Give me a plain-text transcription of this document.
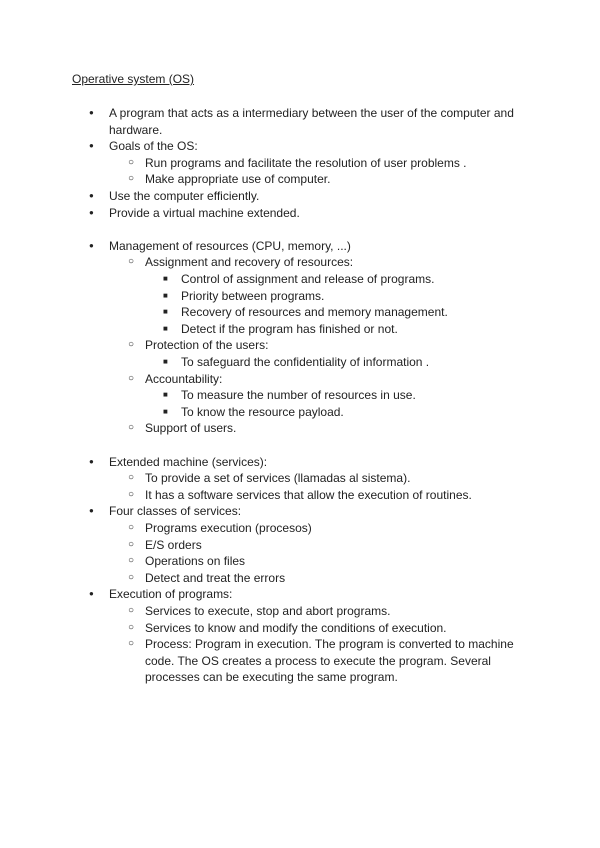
Operative system (OS)
● A program that acts as a intermediary between the user of the computer and
hardware.
● Goals of the OS:
○ Run programs and facilitate the resolution of user problems .
○ Make appropriate use of computer.
● Use the computer efficiently.
● Provide a virtual machine extended.
● Management of resources (CPU, memory, ...)
○ Assignment and recovery of resources:
■ Control of assignment and release of programs.
■ Priority between programs.
■ Recovery of resources and memory management.
■ Detect if the program has finished or not.
○ Protection of the users:
■ To safeguard the confidentiality of information .
○ Accountability:
■ To measure the number of resources in use.
■ To know the resource payload.
○ Support of users.
● Extended machine (services):
○ To provide a set of services (llamadas al sistema).
○ It has a software services that allow the execution of routines.
● Four classes of services:
○ Programs execution (procesos)
○ E/S orders
○ Operations on files
○ Detect and treat the errors
● Execution of programs:
○ Services to execute, stop and abort programs.
○ Services to know and modify the conditions of execution.
○ Process: Program in execution. The program is converted to machine
code. The OS creates a process to execute the program. Several
processes can be executing the same program.
